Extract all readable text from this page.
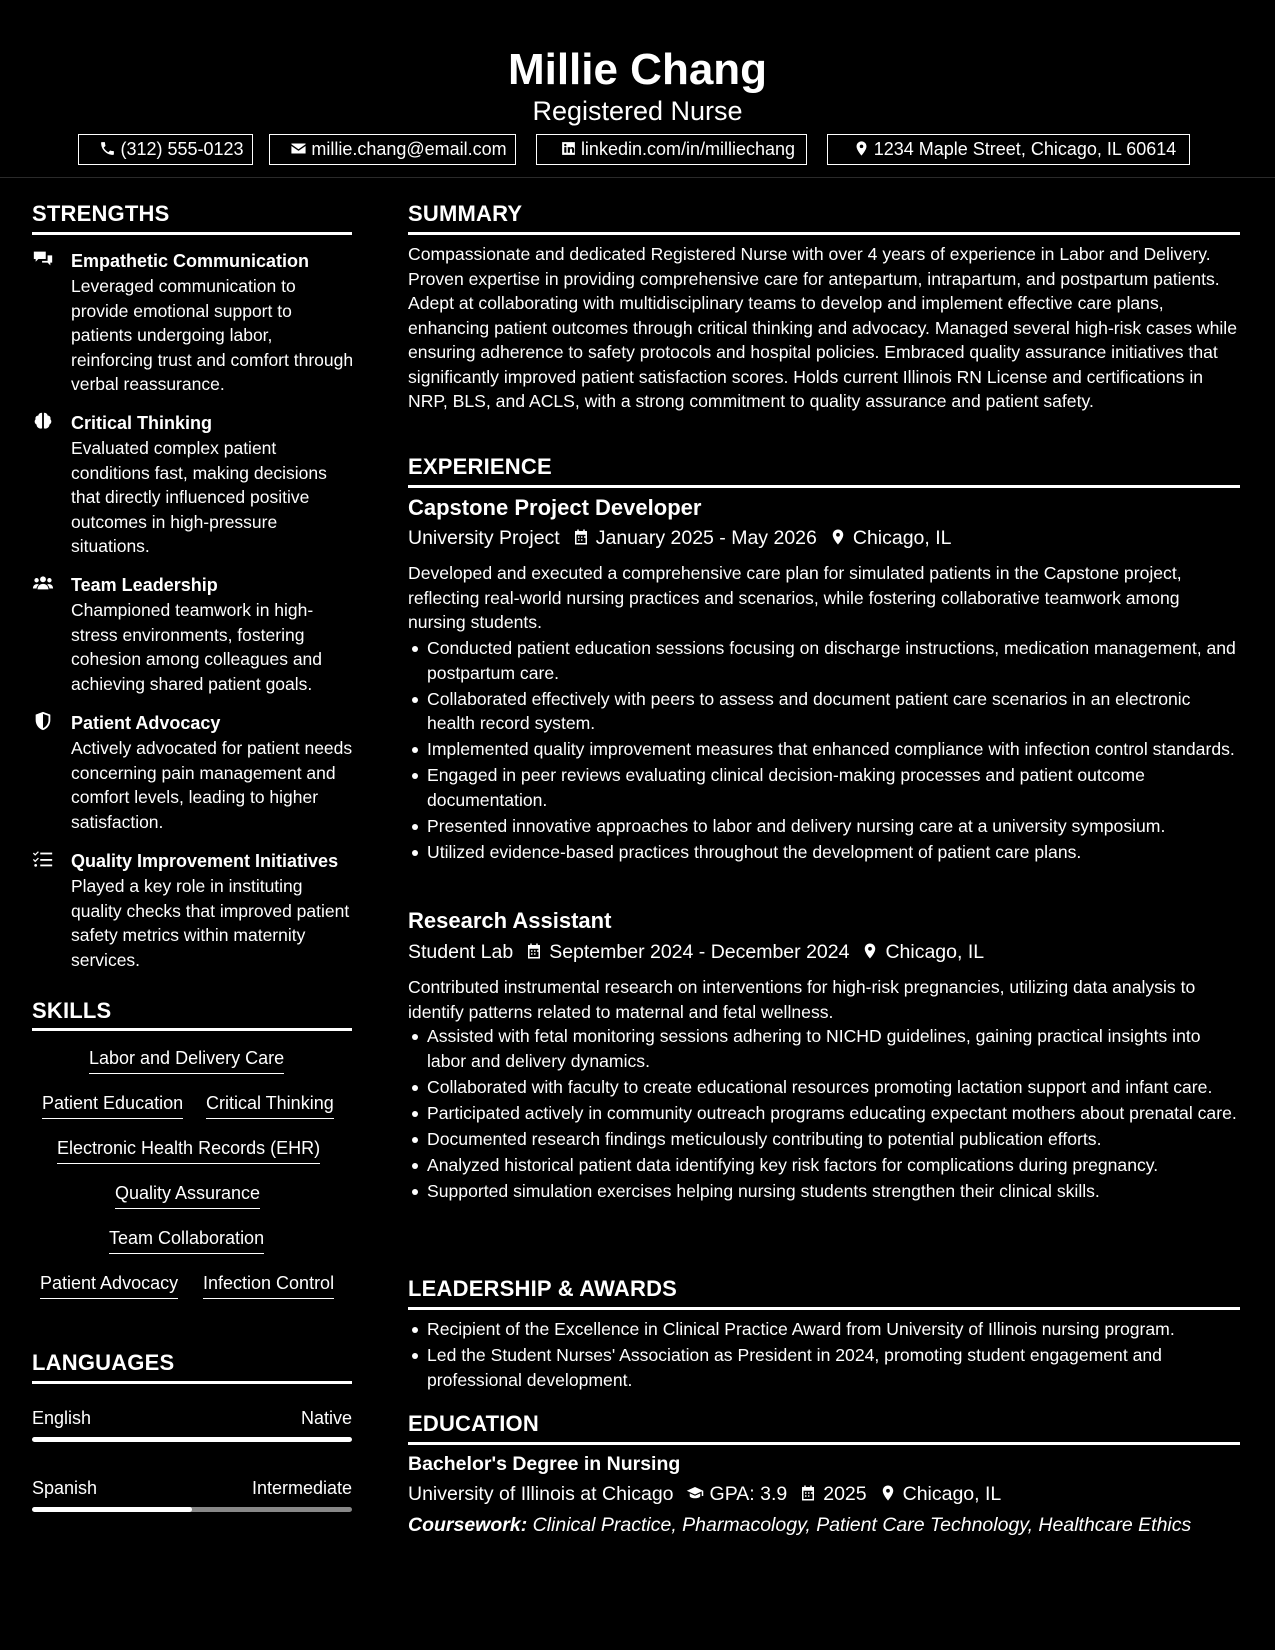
Millie Chang
Registered Nurse
(312) 555-0123	millie.chang@email.com	linkedin.com/in/milliechang	1234 Maple Street, Chicago, IL 60614
STRENGTHS
Empathetic Communication
Leveraged communication to provide emotional support to patients undergoing labor, reinforcing trust and comfort through verbal reassurance.
Critical Thinking
Evaluated complex patient conditions fast, making decisions that directly influenced positive outcomes in high-pressure situations.
Team Leadership
Championed teamwork in high-stress environments, fostering cohesion among colleagues and achieving shared patient goals.
Patient Advocacy
Actively advocated for patient needs concerning pain management and comfort levels, leading to higher satisfaction.
Quality Improvement Initiatives
Played a key role in instituting quality checks that improved patient safety metrics within maternity services.
SKILLS
Labor and Delivery Care
Patient Education Critical Thinking
Electronic Health Records (EHR)
Quality Assurance
Team Collaboration
Patient Advocacy Infection Control
LANGUAGES
English	Native
Spanish	Intermediate
SUMMARY
Compassionate and dedicated Registered Nurse with over 4 years of experience in Labor and Delivery. Proven expertise in providing comprehensive care for antepartum, intrapartum, and postpartum patients. Adept at collaborating with multidisciplinary teams to develop and implement effective care plans, enhancing patient outcomes through critical thinking and advocacy. Managed several high-risk cases while ensuring adherence to safety protocols and hospital policies. Embraced quality assurance initiatives that significantly improved patient satisfaction scores. Holds current Illinois RN License and certifications in NRP, BLS, and ACLS, with a strong commitment to quality assurance and patient safety.
EXPERIENCE
Capstone Project Developer
University Project January 2025 - May 2026 Chicago, IL
Developed and executed a comprehensive care plan for simulated patients in the Capstone project, reflecting real-world nursing practices and scenarios, while fostering collaborative teamwork among nursing students.
Conducted patient education sessions focusing on discharge instructions, medication management, and postpartum care.
Collaborated effectively with peers to assess and document patient care scenarios in an electronic health record system.
Implemented quality improvement measures that enhanced compliance with infection control standards.
Engaged in peer reviews evaluating clinical decision-making processes and patient outcome documentation.
Presented innovative approaches to labor and delivery nursing care at a university symposium.
Utilized evidence-based practices throughout the development of patient care plans.
Research Assistant
Student Lab September 2024 - December 2024 Chicago, IL
Contributed instrumental research on interventions for high-risk pregnancies, utilizing data analysis to identify patterns related to maternal and fetal wellness.
Assisted with fetal monitoring sessions adhering to NICHD guidelines, gaining practical insights into labor and delivery dynamics.
Collaborated with faculty to create educational resources promoting lactation support and infant care.
Participated actively in community outreach programs educating expectant mothers about prenatal care.
Documented research findings meticulously contributing to potential publication efforts.
Analyzed historical patient data identifying key risk factors for complications during pregnancy.
Supported simulation exercises helping nursing students strengthen their clinical skills.
LEADERSHIP & AWARDS
Recipient of the Excellence in Clinical Practice Award from University of Illinois nursing program.
Led the Student Nurses' Association as President in 2024, promoting student engagement and professional development.
EDUCATION
Bachelor's Degree in Nursing
University of Illinois at Chicago GPA: 3.9 2025 Chicago, IL
Coursework: Clinical Practice, Pharmacology, Patient Care Technology, Healthcare Ethics
